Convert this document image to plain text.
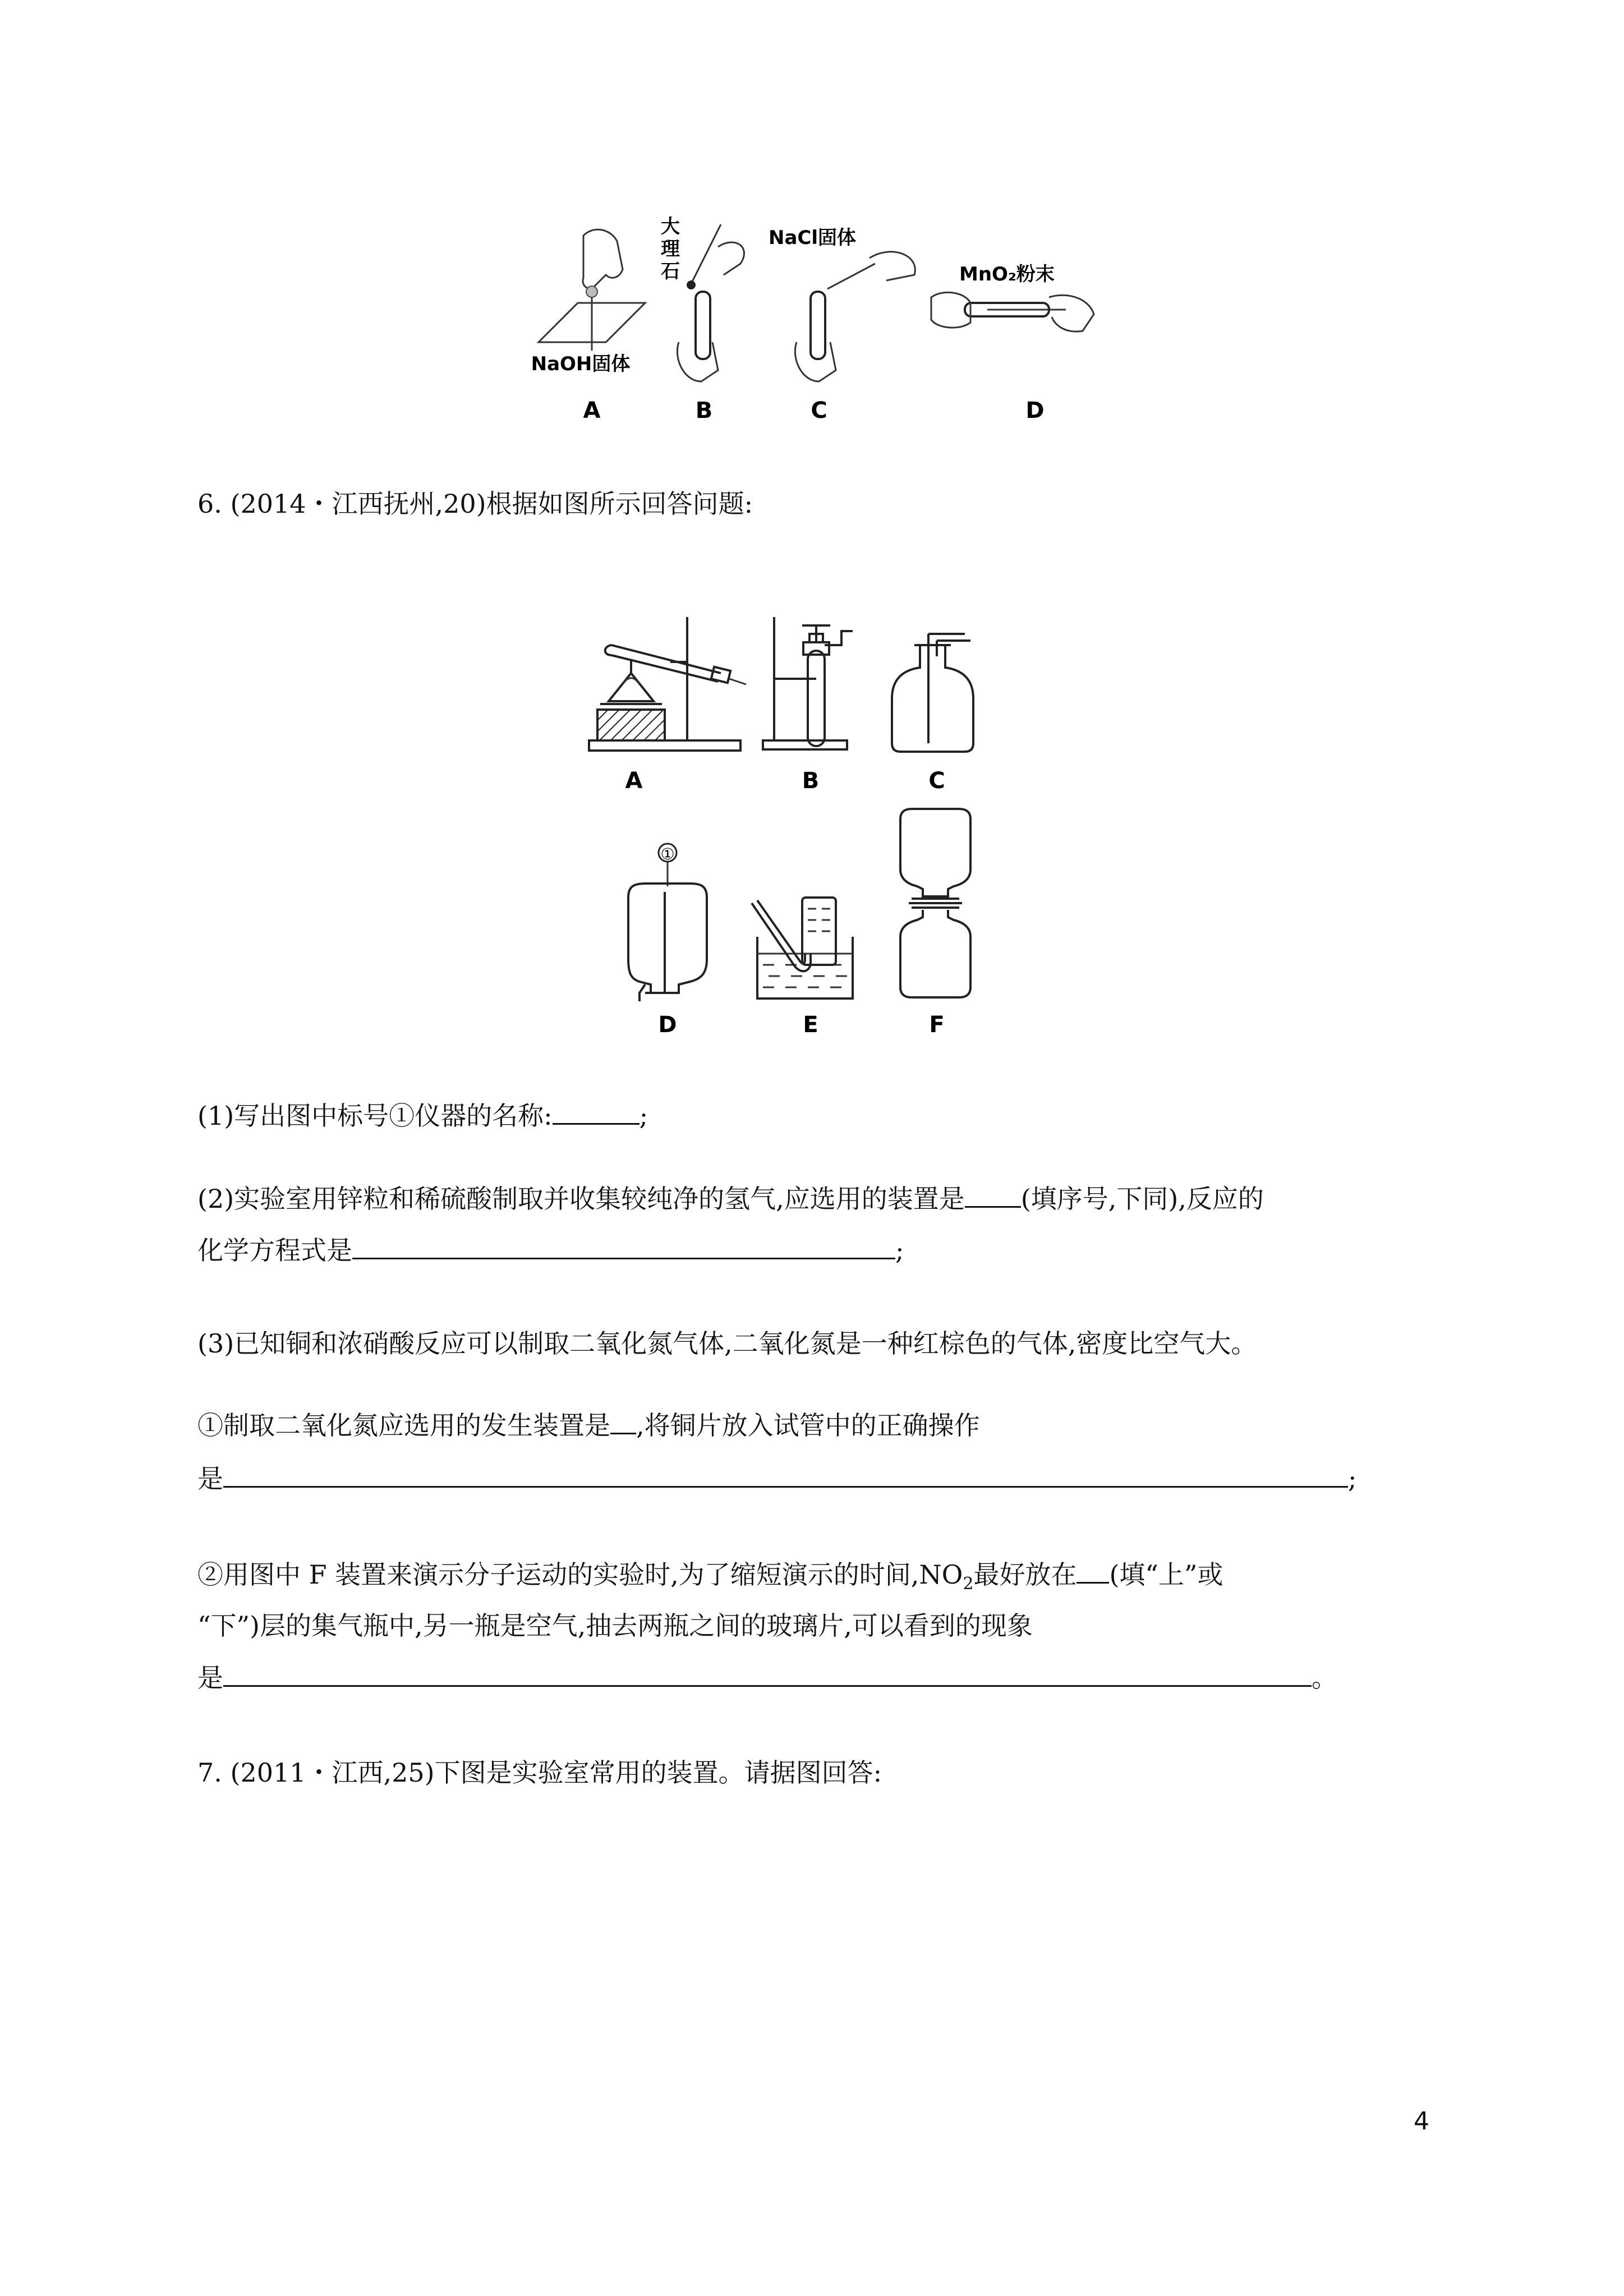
NaOH固体
A
大
理
石
B
NaCl固体
C
MnO₂粉末
D
6. (2014・江西抚州,20)根据如图所示回答问题:
A	B	C
①
D	E	F
(1)写出图中标号①仪器的名称:	;
(2)实验室用锌粒和稀硫酸制取并收集较纯净的氢气,应选用的装置是 (填序号,下同),反应的
化学方程式是	;
(3)已知铜和浓硝酸反应可以制取二氧化氮气体,二氧化氮是一种红棕色的气体,密度比空气大。
①制取二氧化氮应选用的发生装置是 ,将铜片放入试管中的正确操作
是	;
②用图中 F 装置来演示分子运动的实验时,为了缩短演示的时间$,NO_2$最好放在 (填“上”或
“下”)层的集气瓶中,另一瓶是空气,抽去两瓶之间的玻璃片,可以看到的现象
是	。
7. (2011・江西,25)下图是实验室常用的装置。请据图回答:
4
